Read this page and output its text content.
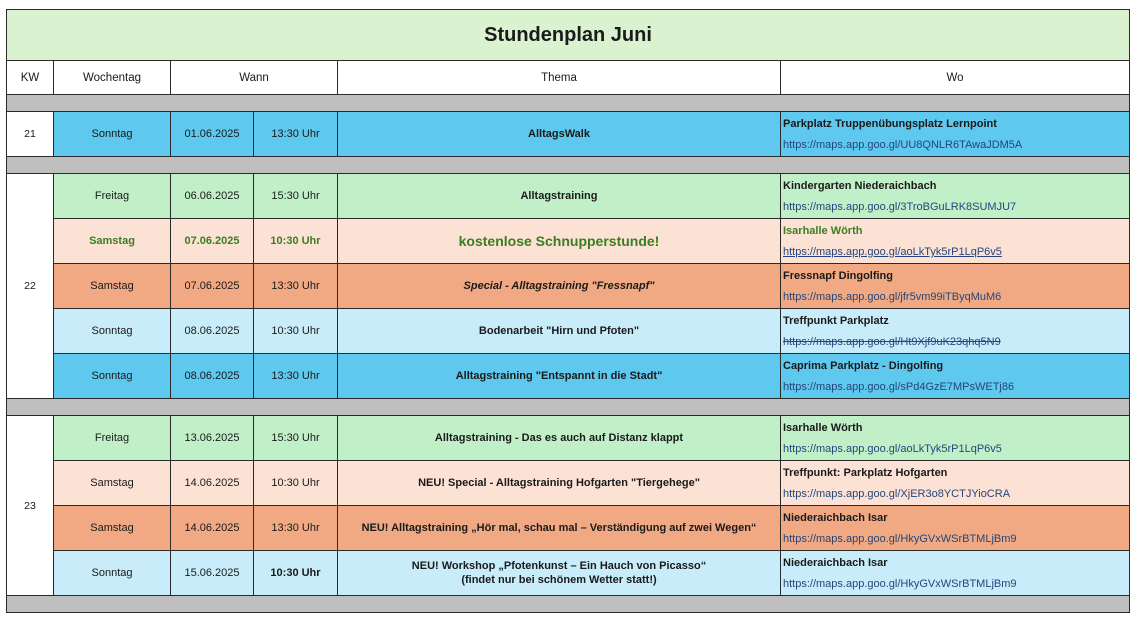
Stundenplan Juni					
KW	Wochentag	Wann		Thema	Wo

21	Sonntag	01.06.2025	13:30 Uhr	AlltagsWalk	Parkplatz Truppenübungsplatz Lernpoint
https://maps.app.goo.gl/UU8QNLR6TAwaJDM5A

22	Freitag	06.06.2025	15:30 Uhr	Alltagstraining	Kindergarten Niederaichbach
https://maps.app.goo.gl/3TroBGuLRK8SUMJU7

	Samstag	07.06.2025	10:30 Uhr	kostenlose Schnupperstunde!	Isarhalle Wörth
https://maps.app.goo.gl/aoLkTyk5rP1LqP6v5

	Samstag	07.06.2025	13:30 Uhr	Special - Alltagstraining "Fressnapf"	Fressnapf Dingolfing
https://maps.app.goo.gl/jfr5vm99iTByqMuM6

	Sonntag	08.06.2025	10:30 Uhr	Bodenarbeit "Hirn und Pfoten"	Treffpunkt Parkplatz
https://maps.app.goo.gl/Ht9Xjf9uK23qhq5N9

	Sonntag	08.06.2025	13:30 Uhr	Alltagstraining "Entspannt in die Stadt"	Caprima Parkplatz - Dingolfing
https://maps.app.goo.gl/sPd4GzE7MPsWETj86

23	Freitag	13.06.2025	15:30 Uhr	Alltagstraining - Das es auch auf Distanz klappt	Isarhalle Wörth
https://maps.app.goo.gl/aoLkTyk5rP1LqP6v5

	Samstag	14.06.2025	10:30 Uhr	NEU! Special - Alltagstraining Hofgarten "Tiergehege"	Treffpunkt: Parkplatz Hofgarten
https://maps.app.goo.gl/XjER3o8YCTJYioCRA

	Samstag	14.06.2025	13:30 Uhr	NEU! Alltagstraining „Hör mal, schau mal – Verständigung auf zwei Wegen“	Niederaichbach Isar
https://maps.app.goo.gl/HkyGVxWSrBTMLjBm9

	Sonntag	15.06.2025	10:30 Uhr	NEU! Workshop „Pfotenkunst – Ein Hauch von Picasso“
(findet nur bei schönem Wetter statt!)	Niederaichbach Isar
https://maps.app.goo.gl/HkyGVxWSrBTMLjBm9
